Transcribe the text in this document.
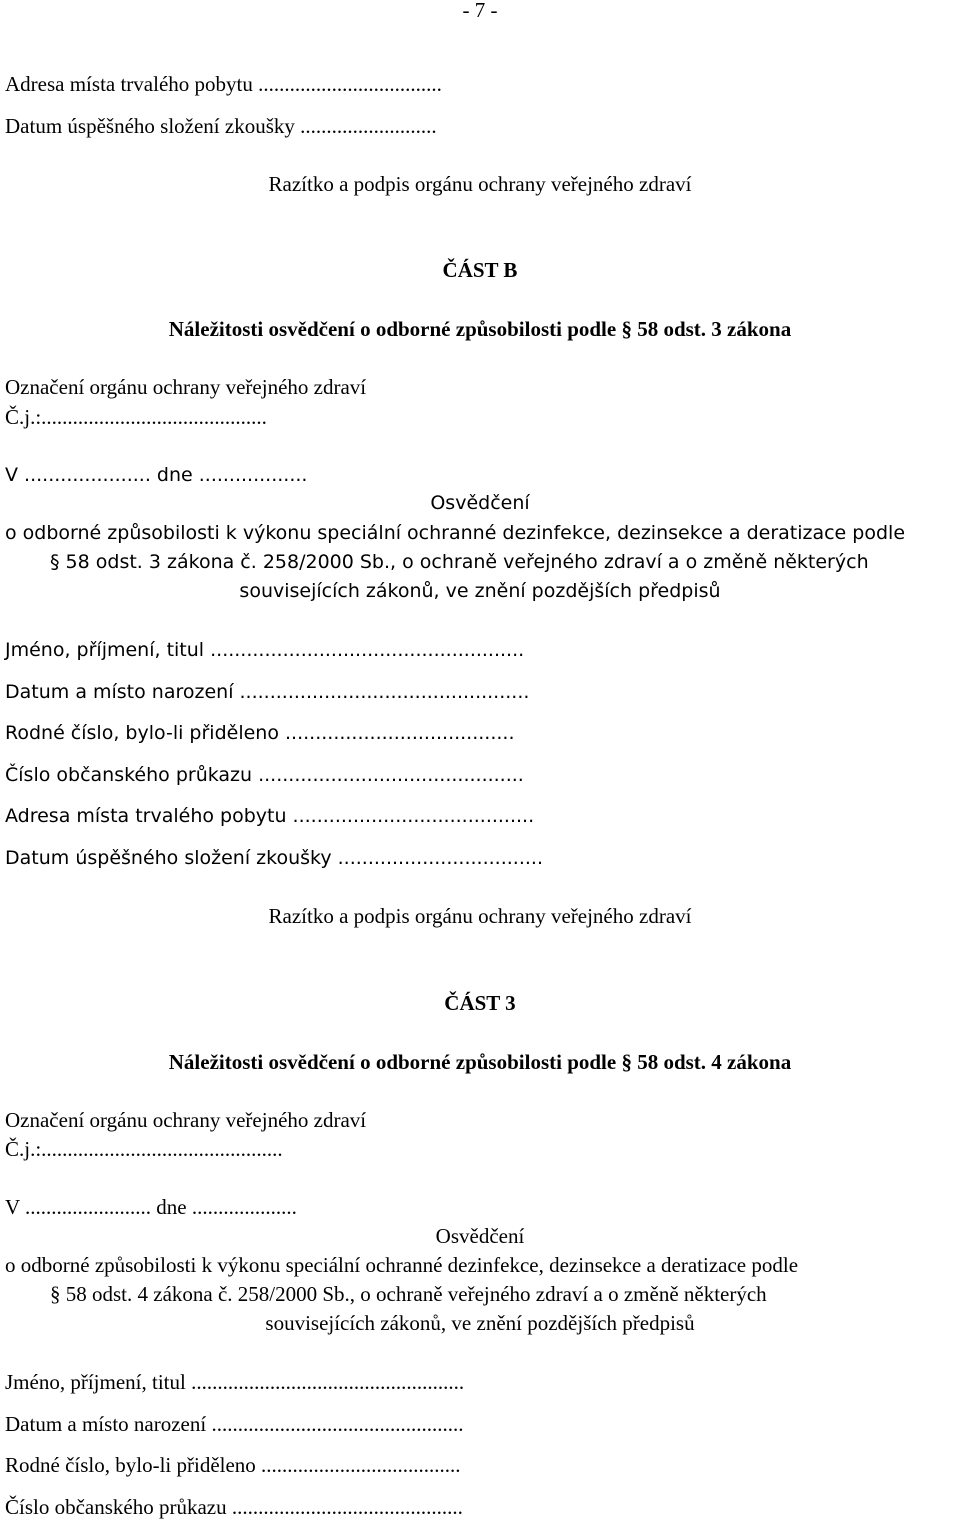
- 7 -
Adresa místa trvalého pobytu ...................................
Datum úspěšného složení zkoušky ..........................
Razítko a podpis orgánu ochrany veřejného zdraví
ČÁST B
Náležitosti osvědčení o odborné způsobilosti podle § 58 odst. 3 zákona
Označení orgánu ochrany veřejného zdraví
Č.j.:...........................................
V ..................... dne ..................
Osvědčení
o odborné způsobilosti k výkonu speciální ochranné dezinfekce, dezinsekce a deratizace podle
§ 58 odst. 3 zákona č. 258/2000 Sb., o ochraně veřejného zdraví a o změně některých
souvisejících zákonů, ve znění pozdějších předpisů
Jméno, příjmení, titul ....................................................
Datum a místo narození ................................................
Rodné číslo, bylo-li přiděleno ......................................
Číslo občanského průkazu ............................................
Adresa místa trvalého pobytu ........................................
Datum úspěšného složení zkoušky ..................................
Razítko a podpis orgánu ochrany veřejného zdraví
ČÁST 3
Náležitosti osvědčení o odborné způsobilosti podle § 58 odst. 4 zákona
Označení orgánu ochrany veřejného zdraví
Č.j.:..............................................
V ........................ dne ....................
Osvědčení
o odborné způsobilosti k výkonu speciální ochranné dezinfekce, dezinsekce a deratizace podle
§ 58 odst. 4 zákona č. 258/2000 Sb., o ochraně veřejného zdraví a o změně některých
souvisejících zákonů, ve znění pozdějších předpisů
Jméno, příjmení, titul ....................................................
Datum a místo narození ................................................
Rodné číslo, bylo-li přiděleno ......................................
Číslo občanského průkazu ............................................
